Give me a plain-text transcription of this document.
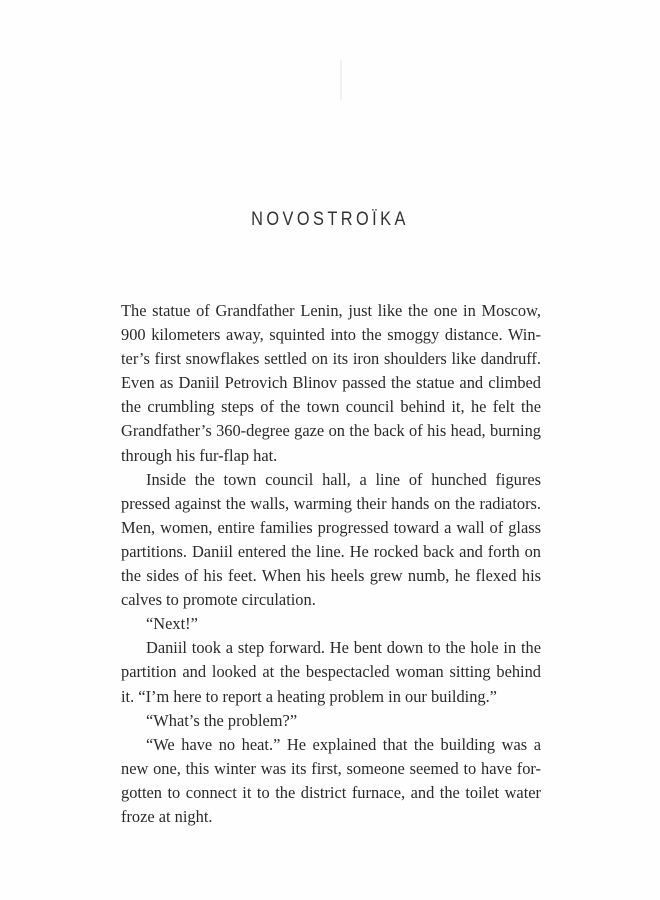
NOVOSTROÏKA

The statue of Grandfather Lenin, just like the one in Moscow,
900 kilometers away, squinted into the smoggy distance. Win-
ter’s first snowflakes settled on its iron shoulders like dandruff.
Even as Daniil Petrovich Blinov passed the statue and climbed
the crumbling steps of the town council behind it, he felt the
Grandfather’s 360-degree gaze on the back of his head, burning
through his fur-flap hat.

Inside the town council hall, a line of hunched figures
pressed against the walls, warming their hands on the radiators.
Men, women, entire families progressed toward a wall of glass
partitions. Daniil entered the line. He rocked back and forth on
the sides of his feet. When his heels grew numb, he flexed his
calves to promote circulation.

“Next!”

Daniil took a step forward. He bent down to the hole in the
partition and looked at the bespectacled woman sitting behind
it. “I’m here to report a heating problem in our building.”

“What’s the problem?”

“We have no heat.” He explained that the building was a
new one, this winter was its first, someone seemed to have for-
gotten to connect it to the district furnace, and the toilet water
froze at night.
